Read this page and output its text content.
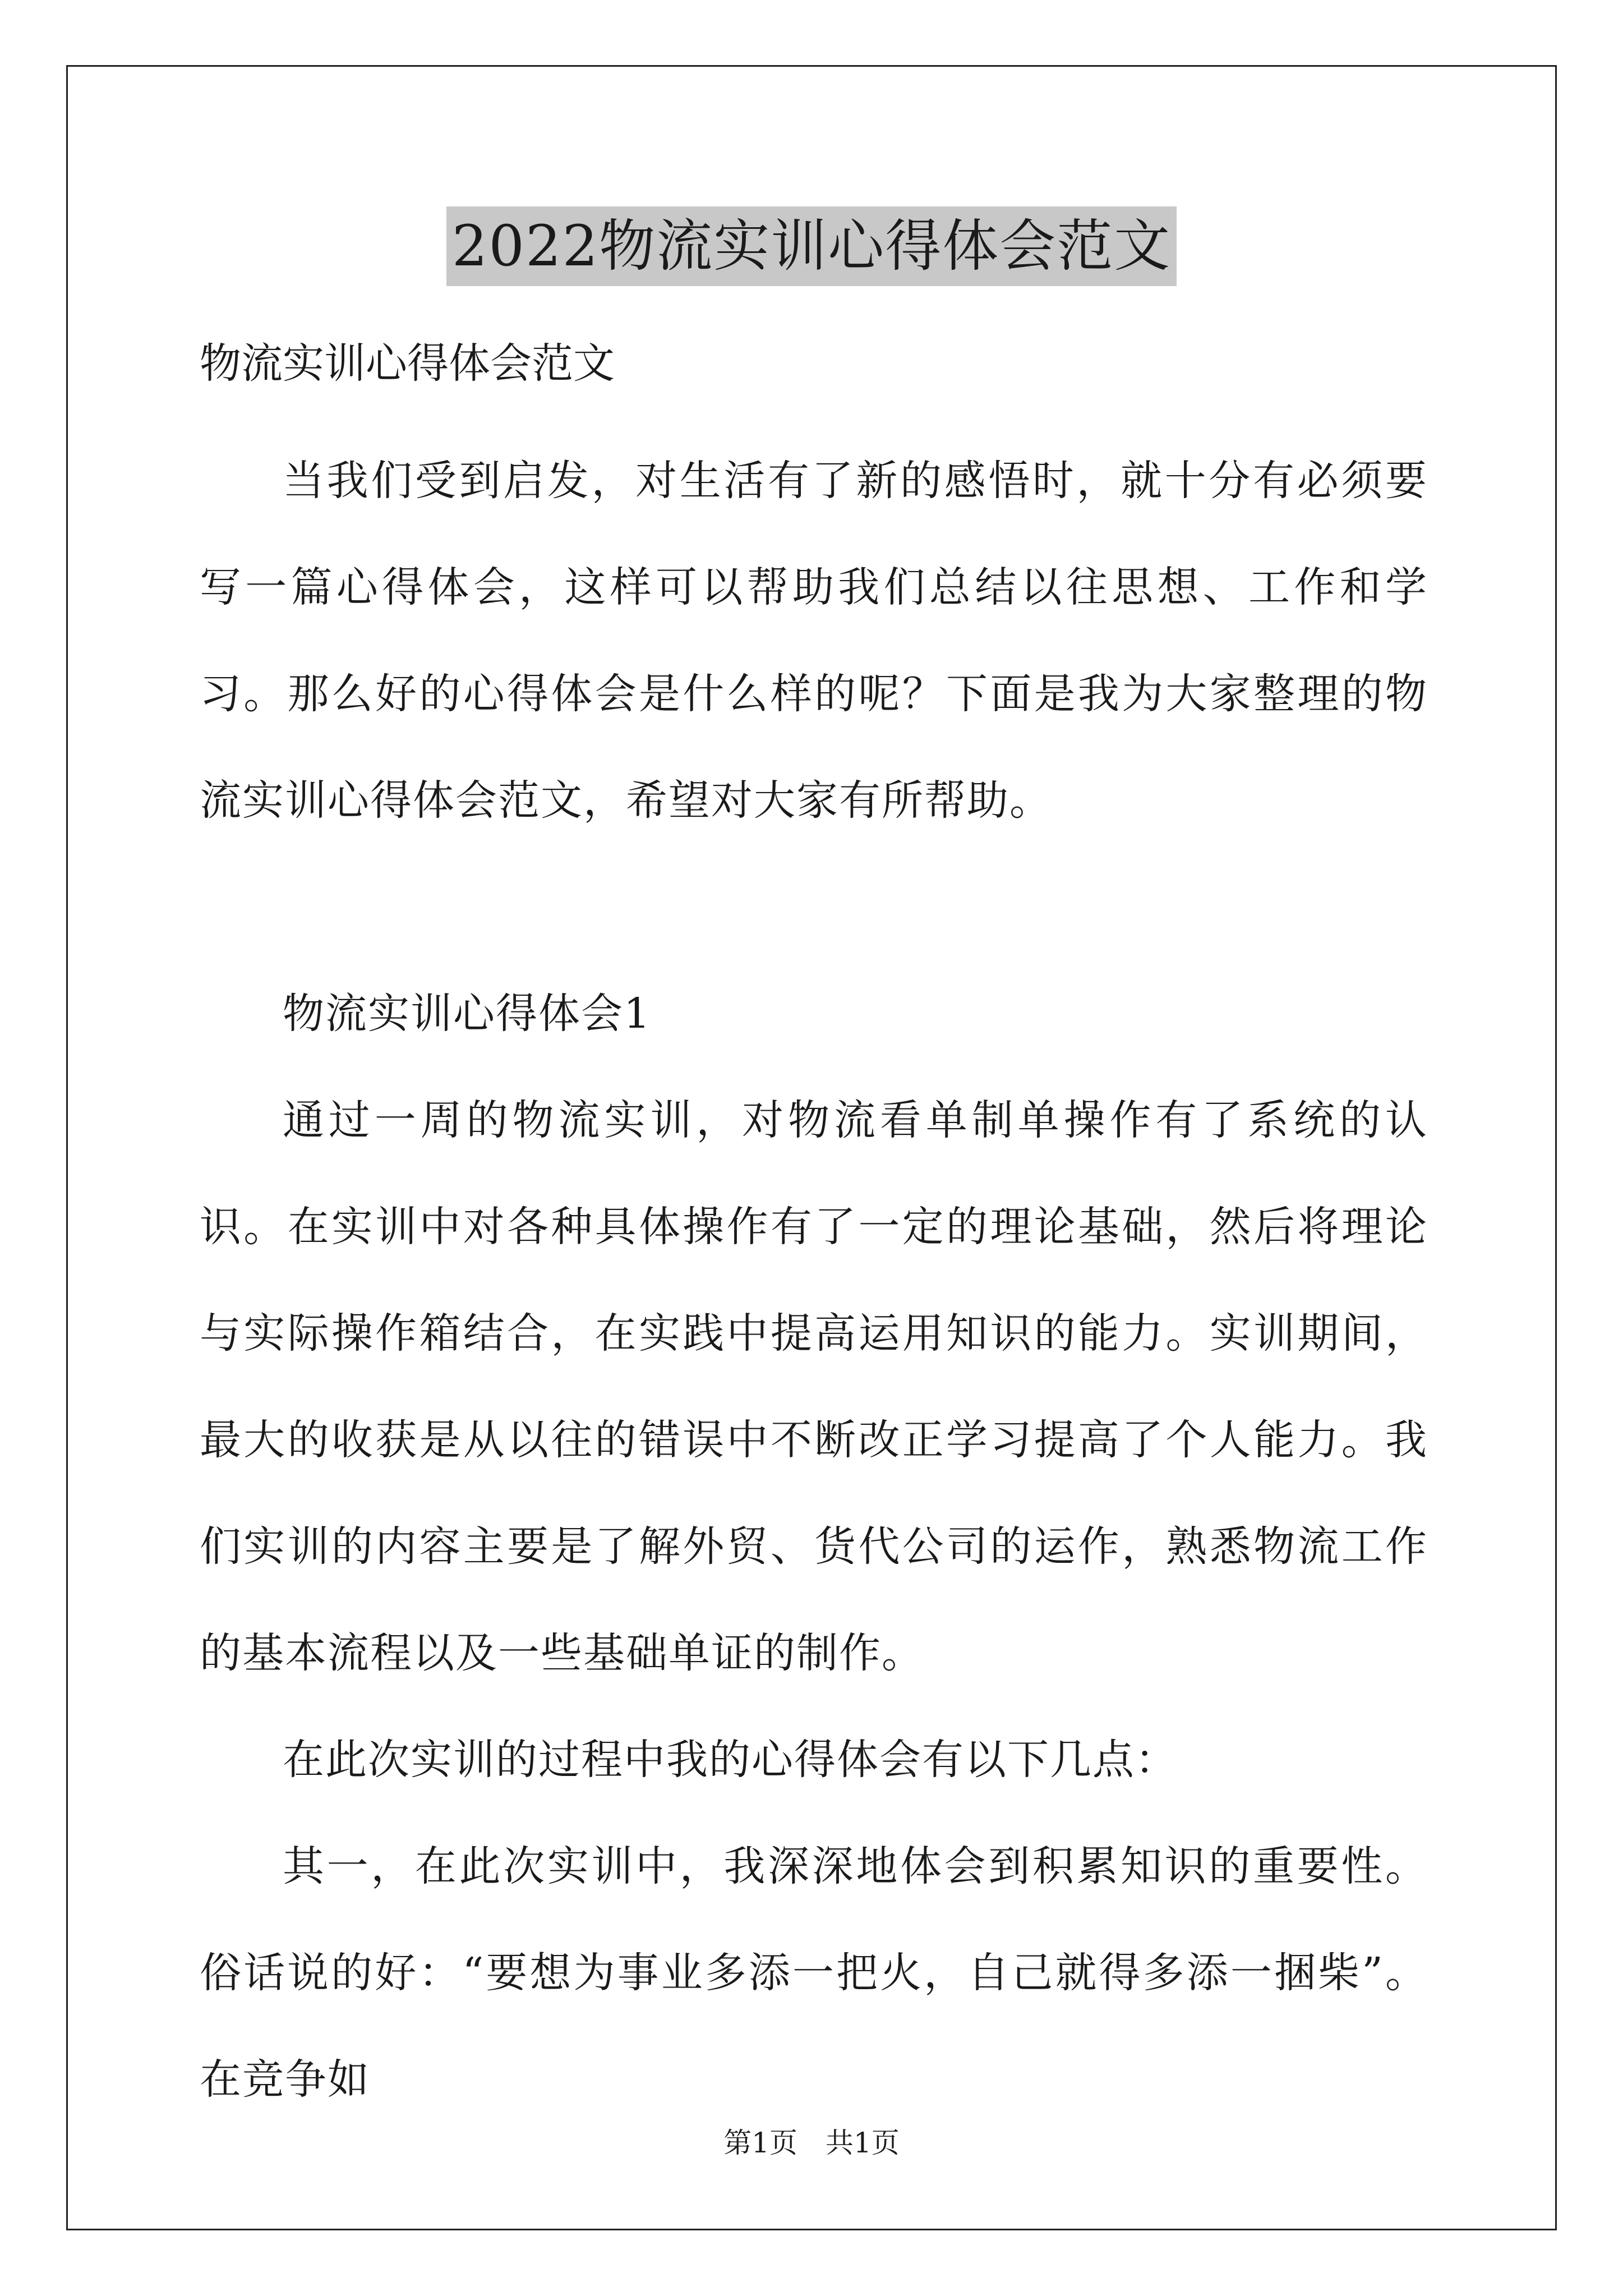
2022物流实训心得体会范文
物流实训心得体会范文

当我们受到启发，对生活有了新的感悟时，就十分有必须要写一篇心得体会，这样可以帮助我们总结以往思想、工作和学习。那么好的心得体会是什么样的呢？下面是我为大家整理的物流实训心得体会范文，希望对大家有所帮助。

物流实训心得体会1

通过一周的物流实训，对物流看单制单操作有了系统的认识。在实训中对各种具体操作有了一定的理论基础，然后将理论与实际操作箱结合，在实践中提高运用知识的能力。实训期间，最大的收获是从以往的错误中不断改正学习提高了个人能力。我们实训的内容主要是了解外贸、货代公司的运作，熟悉物流工作的基本流程以及一些基础单证的制作。

在此次实训的过程中我的心得体会有以下几点：

其一，在此次实训中，我深深地体会到积累知识的重要性。俗话说的好：“要想为事业多添一把火，自己就得多添一捆柴”。在竞争如

第1页　共1页
